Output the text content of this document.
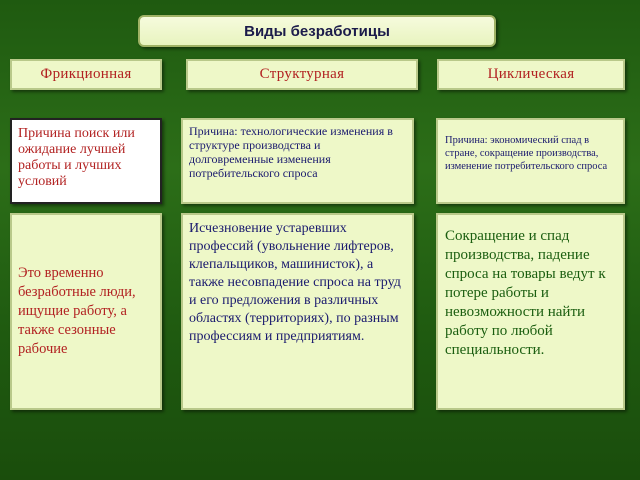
Виды безработицы
Фрикционная	Структурная	Циклическая
Причина поиск или ожидание лучшей работы и лучших условий
Причина: технологические изменения в структуре производства и долговременные изменения потребительского спроса
Причина: экономический спад в стране, сокращение производства, изменение потребительского спроса
Это временно безработные люди, ищущие работу, а также сезонные рабочие
Исчезновение устаревших профессий (увольнение лифтеров, клепальщиков, машинисток), а также несовпадение спроса на труд и его предложения в различных областях (территориях), по разным профессиям и предприятиям.
Сокращение и спад производства, падение спроса на товары ведут к потере работы и невозможности найти работу по любой специальности.
